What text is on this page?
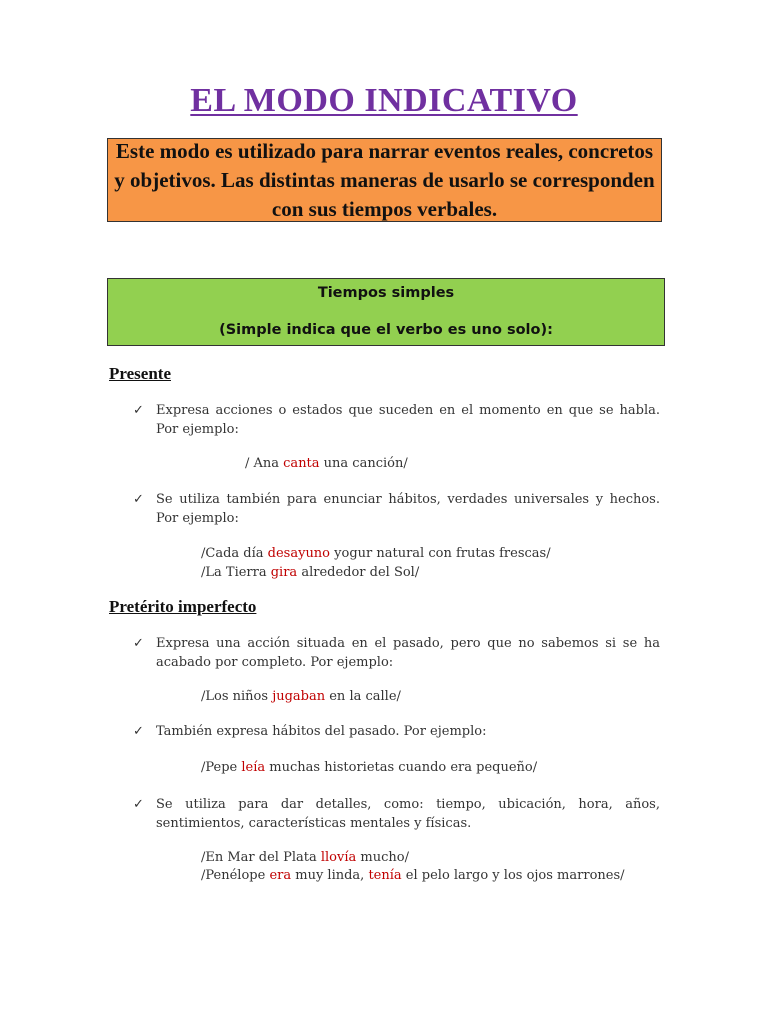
EL MODO INDICATIVO
Este modo es utilizado para narrar eventos reales, concretos y objetivos. Las distintas maneras de usarlo se corresponden con sus tiempos verbales.
Tiempos simples
(Simple indica que el verbo es uno solo):
Presente
✓ Expresa acciones o estados que suceden en el momento en que se habla. Por ejemplo:
/ Ana canta una canción/
✓ Se utiliza también para enunciar hábitos, verdades universales y hechos. Por ejemplo:
/Cada día desayuno yogur natural con frutas frescas/
/La Tierra gira alrededor del Sol/
Pretérito imperfecto
✓ Expresa una acción situada en el pasado, pero que no sabemos si se ha acabado por completo. Por ejemplo:
/Los niños jugaban en la calle/
✓ También expresa hábitos del pasado. Por ejemplo:
/Pepe leía muchas historietas cuando era pequeño/
✓ Se utiliza para dar detalles, como: tiempo, ubicación, hora, años, sentimientos, características mentales y físicas.
/En Mar del Plata llovía mucho/
/Penélope era muy linda, tenía el pelo largo y los ojos marrones/
